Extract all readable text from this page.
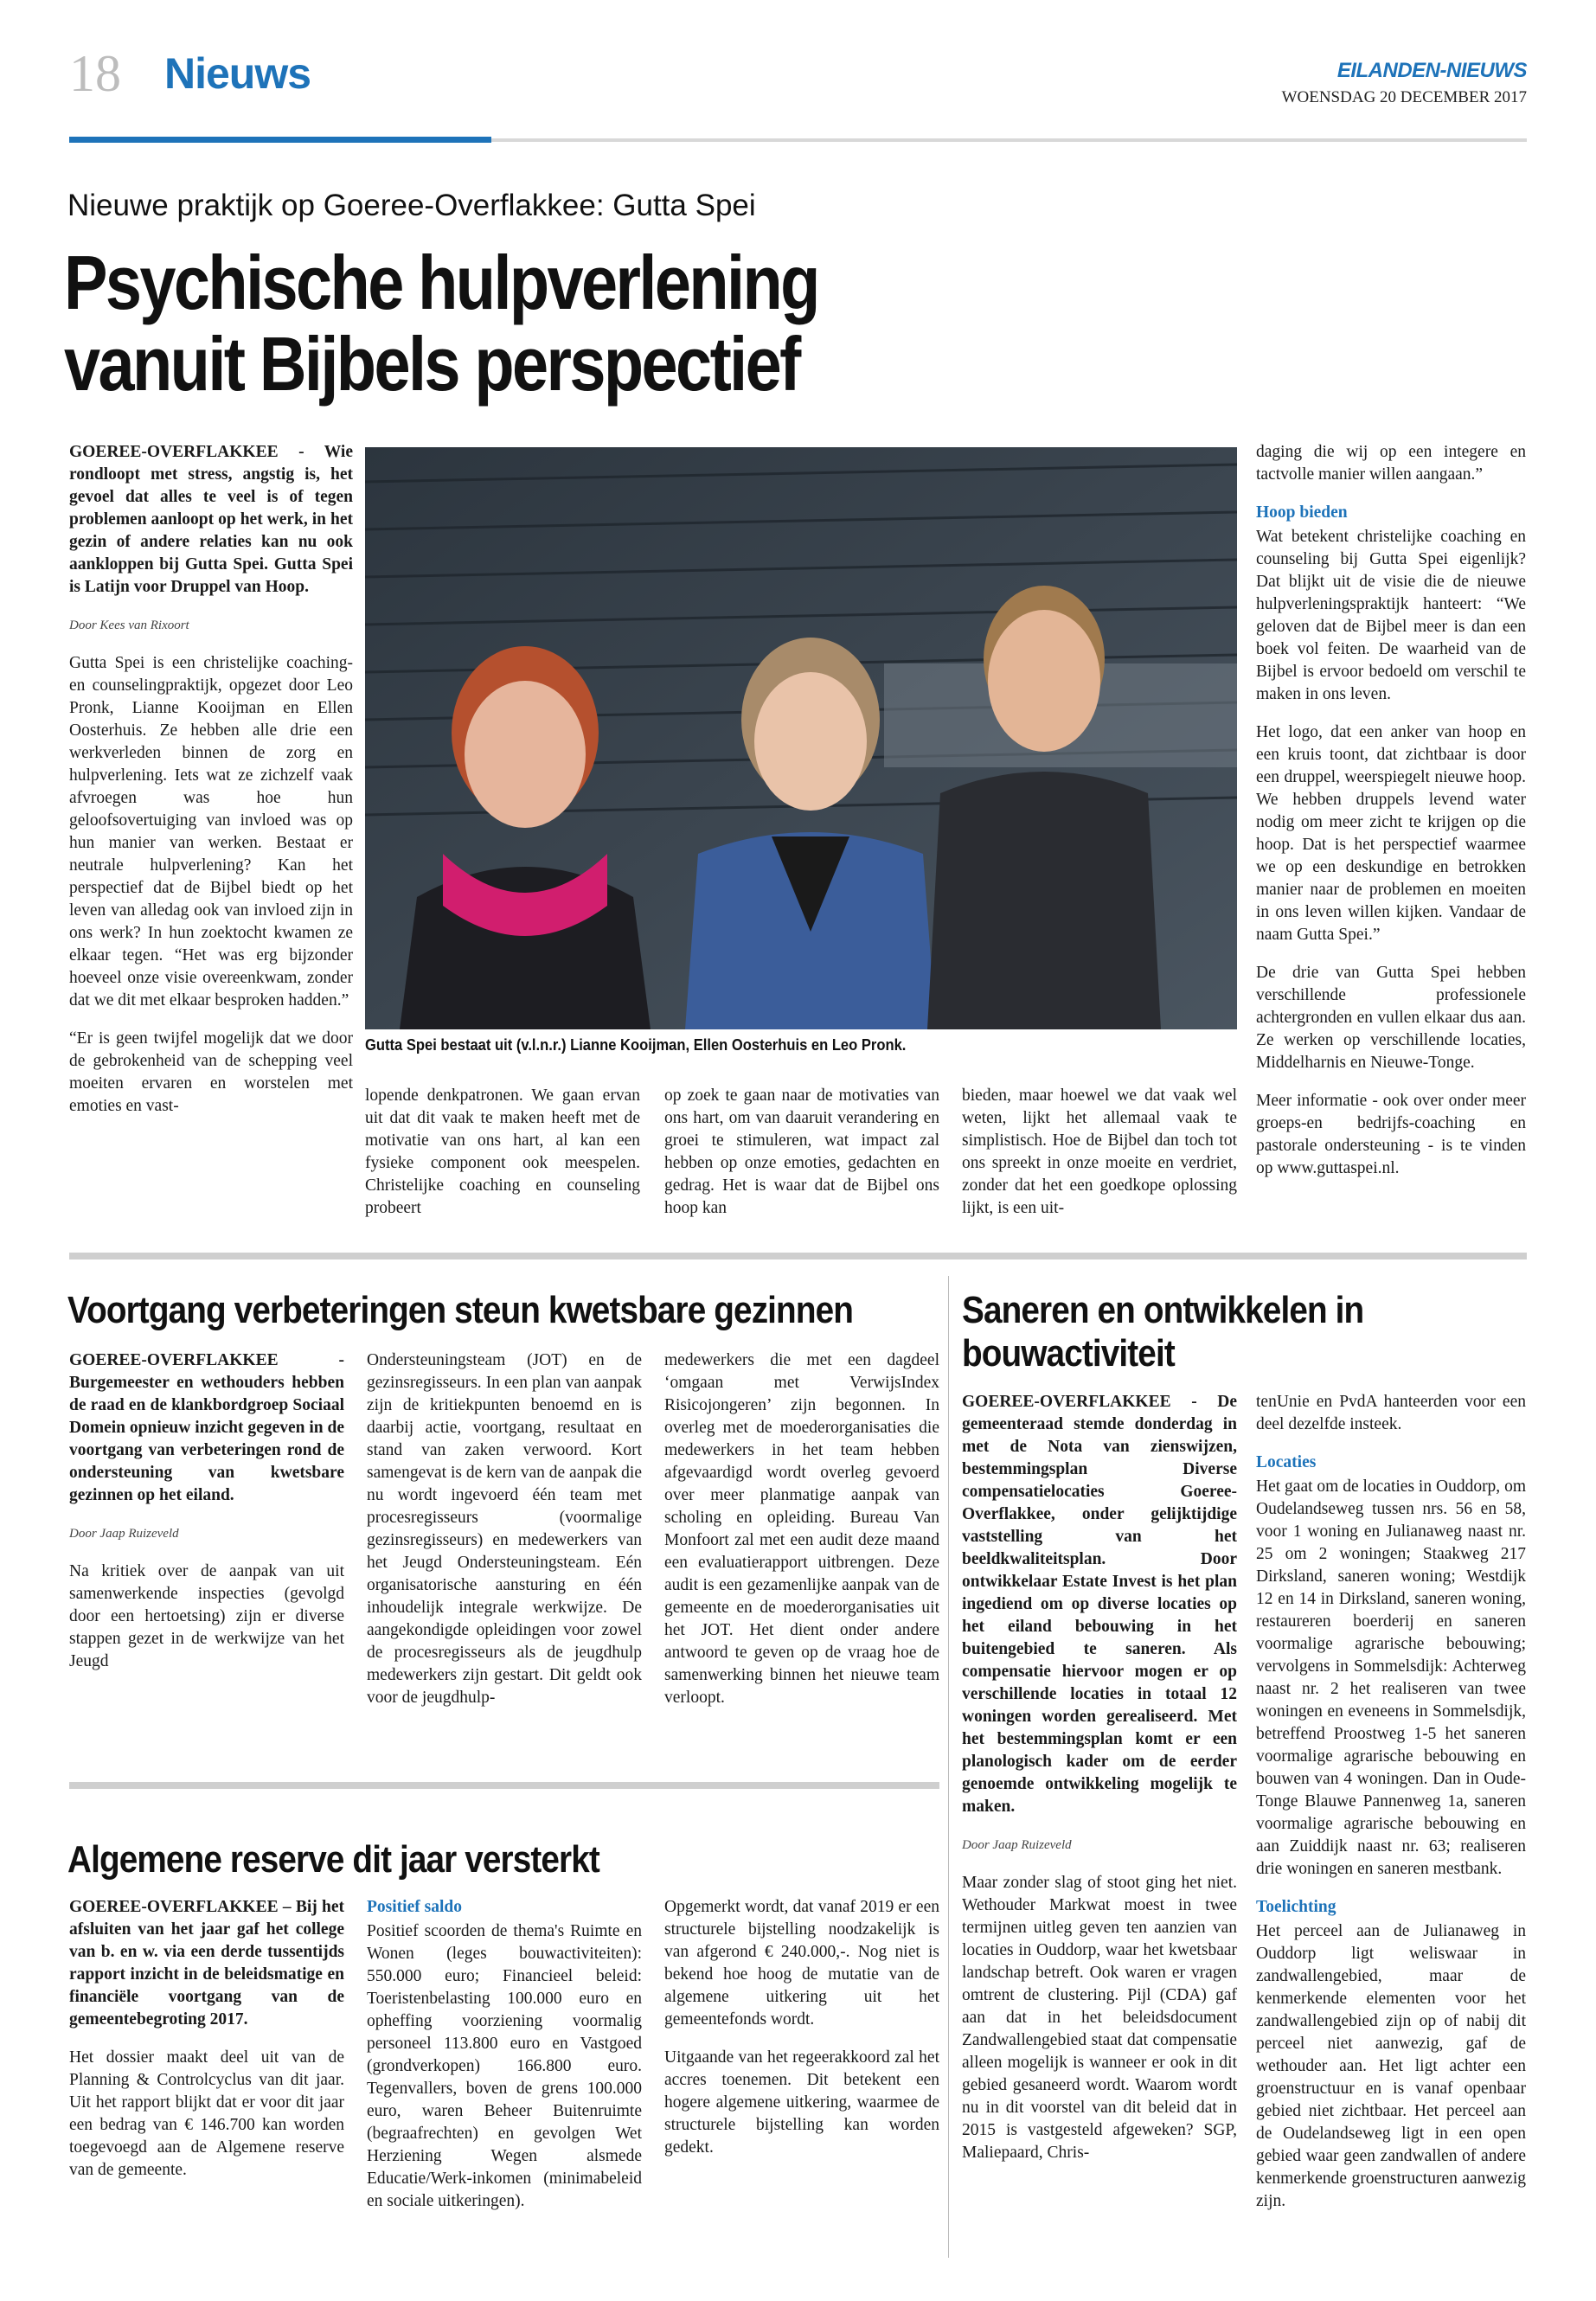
18 Nieuws	EILANDEN-NIEUWS
WOENSDAG 20 DECEMBER 2017
Nieuwe praktijk op Goeree-Overflakkee: Gutta Spei
Psychische hulpverlening vanuit Bijbels perspectief

GOEREE-OVERFLAKKEE - Wie rondloopt met stress, angstig is, het gevoel dat alles te veel is of tegen problemen aanloopt op het werk, in het gezin of andere relaties kan nu ook aankloppen bij Gutta Spei. Gutta Spei is Latijn voor Druppel van Hoop.

Door Kees van Rixoort

Gutta Spei is een christelijke coaching- en counselingpraktijk, opgezet door Leo Pronk, Lianne Kooijman en Ellen Oosterhuis. Ze hebben alle drie een werkverleden binnen de zorg en hulpverlening. Iets wat ze zichzelf vaak afvroegen was hoe hun geloofsovertuiging van invloed was op hun manier van werken. Bestaat er neutrale hulpverlening? Kan het perspectief dat de Bijbel biedt op het leven van alledag ook van invloed zijn in ons werk? In hun zoektocht kwamen ze elkaar tegen. “Het was erg bijzonder hoeveel onze visie overeenkwam, zonder dat we dit met elkaar besproken hadden.”

“Er is geen twijfel mogelijk dat we door de gebrokenheid van de schepping veel moeiten ervaren en worstelen met emoties en vast-

Gutta Spei bestaat uit (v.l.n.r.) Lianne Kooijman, Ellen Oosterhuis en Leo Pronk.

lopende denkpatronen. We gaan ervan uit dat dit vaak te maken heeft met de motivatie van ons hart, al kan een fysieke component ook meespelen. Christelijke coaching en counseling probeert

op zoek te gaan naar de motivaties van ons hart, om van daaruit verandering en groei te stimuleren, wat impact zal hebben op onze emoties, gedachten en gedrag. Het is waar dat de Bijbel ons hoop kan

bieden, maar hoewel we dat vaak wel weten, lijkt het allemaal vaak te simplistisch. Hoe de Bijbel dan toch tot ons spreekt in onze moeite en verdriet, zonder dat het een goedkope oplossing lijkt, is een uit-

daging die wij op een integere en tactvolle manier willen aangaan.”

Hoop bieden

Wat betekent christelijke coaching en counseling bij Gutta Spei eigenlijk? Dat blijkt uit de visie die de nieuwe hulpverleningspraktijk hanteert: “We geloven dat de Bijbel meer is dan een boek vol feiten. De waarheid van de Bijbel is ervoor bedoeld om verschil te maken in ons leven.

Het logo, dat een anker van hoop en een kruis toont, dat zichtbaar is door een druppel, weerspiegelt nieuwe hoop. We hebben druppels levend water nodig om meer zicht te krijgen op die hoop. Dat is het perspectief waarmee we op een deskundige en betrokken manier naar de problemen en moeiten in ons leven willen kijken. Vandaar de naam Gutta Spei.”

De drie van Gutta Spei hebben verschillende professionele achtergronden en vullen elkaar dus aan. Ze werken op verschillende locaties, Middelharnis en Nieuwe-Tonge.

Meer informatie - ook over onder meer groeps-en bedrijfs-coaching en pastorale ondersteuning - is te vinden op www.guttaspei.nl.

Voortgang verbeteringen steun kwetsbare gezinnen

GOEREE-OVERFLAKKEE - Burgemeester en wethouders hebben de raad en de klankbordgroep Sociaal Domein opnieuw inzicht gegeven in de voortgang van verbeteringen rond de ondersteuning van kwetsbare gezinnen op het eiland.

Door Jaap Ruizeveld

Na kritiek over de aanpak van uit samenwerkende inspecties (gevolgd door een hertoetsing) zijn er diverse stappen gezet in de werkwijze van het Jeugd

Ondersteuningsteam (JOT) en de gezinsregisseurs. In een plan van aanpak zijn de kritiekpunten benoemd en is daarbij actie, voortgang, resultaat en stand van zaken verwoord. Kort samengevat is de kern van de aanpak die nu wordt ingevoerd één team met procesregisseurs (voormalige gezinsregisseurs) en medewerkers van het Jeugd Ondersteuningsteam. Eén organisatorische aansturing en één inhoudelijk integrale werkwijze. De aangekondigde opleidingen voor zowel de procesregisseurs als de jeugdhulp medewerkers zijn gestart. Dit geldt ook voor de jeugdhulp-

medewerkers die met een dagdeel ‘omgaan met VerwijsIndex Risicojongeren’ zijn begonnen. In overleg met de moederorganisaties die medewerkers in het team hebben afgevaardigd wordt overleg gevoerd over meer planmatige aanpak van scholing en opleiding. Bureau Van Monfoort zal met een audit deze maand een evaluatierapport uitbrengen. Deze audit is een gezamenlijke aanpak van de gemeente en de moederorganisaties uit het JOT. Het dient onder andere antwoord te geven op de vraag hoe de samenwerking binnen het nieuwe team verloopt.

Algemene reserve dit jaar versterkt

GOEREE-OVERFLAKKEE – Bij het afsluiten van het jaar gaf het college van b. en w. via een derde tussentijds rapport inzicht in de beleidsmatige en financiële voortgang van de gemeentebegroting 2017.

Het dossier maakt deel uit van de Planning & Controlcyclus van dit jaar. Uit het rapport blijkt dat er voor dit jaar een bedrag van € 146.700 kan worden toegevoegd aan de Algemene reserve van de gemeente.

Positief saldo

Positief scoorden de thema's Ruimte en Wonen (leges bouwactiviteiten): 550.000 euro; Financieel beleid: Toeristenbelasting 100.000 euro en opheffing voorziening voormalig personeel 113.800 euro en Vastgoed (grondverkopen) 166.800 euro. Tegenvallers, boven de grens 100.000 euro, waren Beheer Buitenruimte (begraafrechten) en gevolgen Wet Herziening Wegen alsmede Educatie/Werk-inkomen (minimabeleid en sociale uitkeringen).

Opgemerkt wordt, dat vanaf 2019 er een structurele bijstelling noodzakelijk is van afgerond € 240.000,-. Nog niet is bekend hoe hoog de mutatie van de algemene uitkering uit het gemeentefonds wordt.

Uitgaande van het regeerakkoord zal het accres toenemen. Dit betekent een hogere algemene uitkering, waarmee de structurele bijstelling kan worden gedekt.

Saneren en ontwikkelen in bouwactiviteit

GOEREE-OVERFLAKKEE - De gemeenteraad stemde donderdag in met de Nota van zienswijzen, bestemmingsplan Diverse compensatielocaties Goeree-Overflakkee, onder gelijktijdige vaststelling van het beeldkwaliteitsplan. Door ontwikkelaar Estate Invest is het plan ingediend om op diverse locaties op het eiland bebouwing in het buitengebied te saneren. Als compensatie hiervoor mogen er op verschillende locaties in totaal 12 woningen worden gerealiseerd. Met het bestemmingsplan komt er een planologisch kader om de eerder genoemde ontwikkeling mogelijk te maken.

Door Jaap Ruizeveld

Maar zonder slag of stoot ging het niet. Wethouder Markwat moest in twee termijnen uitleg geven ten aanzien van locaties in Ouddorp, waar het kwetsbaar landschap betreft. Ook waren er vragen omtrent de clustering. Pijl (CDA) gaf aan dat in het beleidsdocument Zandwallengebied staat dat compensatie alleen mogelijk is wanneer er ook in dit gebied gesaneerd wordt. Waarom wordt nu in dit voorstel van dit beleid dat in 2015 is vastgesteld afgeweken? SGP, Maliepaard, Chris-

tenUnie en PvdA hanteerden voor een deel dezelfde insteek.

Locaties

Het gaat om de locaties in Ouddorp, om Oudelandseweg tussen nrs. 56 en 58, voor 1 woning en Julianaweg naast nr. 25 om 2 woningen; Staakweg 217 Dirksland, saneren woning; Westdijk 12 en 14 in Dirksland, saneren woning, restaureren boerderij en saneren voormalige agrarische bebouwing; vervolgens in Sommelsdijk: Achterweg naast nr. 2 het realiseren van twee woningen en eveneens in Sommelsdijk, betreffend Proostweg 1-5 het saneren voormalige agrarische bebouwing en bouwen van 4 woningen. Dan in Oude-Tonge Blauwe Pannenweg 1a, saneren voormalige agrarische bebouwing en aan Zuiddijk naast nr. 63; realiseren drie woningen en saneren mestbank.

Toelichting

Het perceel aan de Julianaweg in Ouddorp ligt weliswaar in zandwallengebied, maar de kenmerkende elementen voor het zandwallengebied zijn op of nabij dit perceel niet aanwezig, gaf de wethouder aan. Het ligt achter een groenstructuur en is vanaf openbaar gebied niet zichtbaar. Het perceel aan de Oudelandseweg ligt in een open gebied waar geen zandwallen of andere kenmerkende groenstructuren aanwezig zijn.
